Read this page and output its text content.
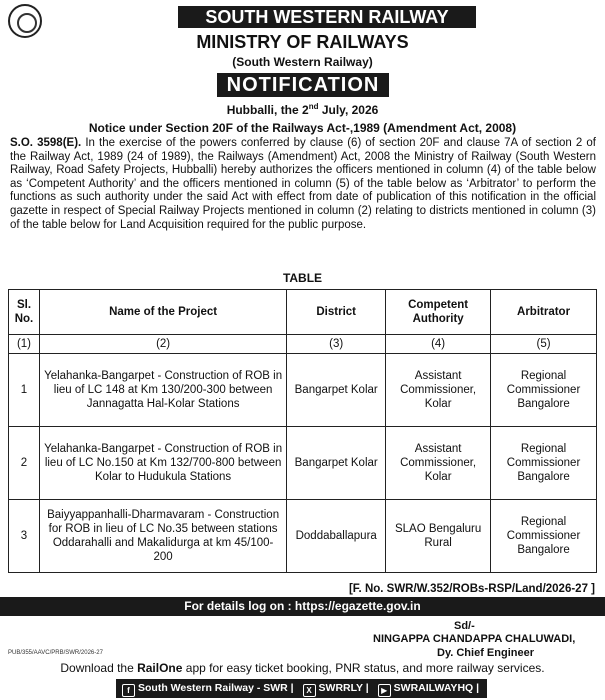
SOUTH WESTERN RAILWAY
MINISTRY OF RAILWAYS
(South Western Railway)
NOTIFICATION
Hubballi, the 2nd July, 2026
Notice under Section 20F of the Railways Act-,1989 (Amendment Act, 2008)
S.O. 3598(E). In the exercise of the powers conferred by clause (6) of section 20F and clause 7A of section 2 of the Railway Act, 1989 (24 of 1989), the Railways (Amendment) Act, 2008 the Ministry of Railway (South Western Railway, Road Safety Projects, Hubballi) hereby authorizes the officers mentioned in column (4) of the table below as ‘Competent Authority’ and the officers mentioned in column (5) of the table below as ‘Arbitrator’ to perform the functions as such authority under the said Act with effect from date of publication of this notification in the official gazette in respect of Special Railway Projects mentioned in column (2) relating to districts mentioned in column (3) of the table below for Land Acquisition required for the public purpose.
TABLE
Sl. No.	Name of the Project	District	Competent Authority	Arbitrator
(1)	(2)	(3)	(4)	(5)
1	Yelahanka-Bangarpet - Construction of ROB in lieu of LC 148 at Km 130/200-300 between Jannagatta Hal-Kolar Stations	Bangarpet Kolar	Assistant Commissioner, Kolar	Regional Commissioner Bangalore
2	Yelahanka-Bangarpet - Construction of ROB in lieu of LC No.150 at Km 132/700-800 between Kolar to Hudukula Stations	Bangarpet Kolar	Assistant Commissioner, Kolar	Regional Commissioner Bangalore
3	Baiyyappanhalli-Dharmavaram - Construction for ROB in lieu of LC No.35 between stations Oddarahalli and Makalidurga at km 45/100-200	Doddaballapura	SLAO Bengaluru Rural	Regional Commissioner Bangalore
[F. No. SWR/W.352/ROBs-RSP/Land/2026-27 ]
For details log on : https://egazette.gov.in
Sd/-
NINGAPPA CHANDAPPA CHALUWADI,
Dy. Chief Engineer
PUB/355/AAVC/PRB/SWR/2026-27
Download the RailOne app for easy ticket booking, PNR status, and more railway services.
f South Western Railway - SWR | X SWRRLY | ▶ SWRAILWAYHQ | ○ sw_railways
